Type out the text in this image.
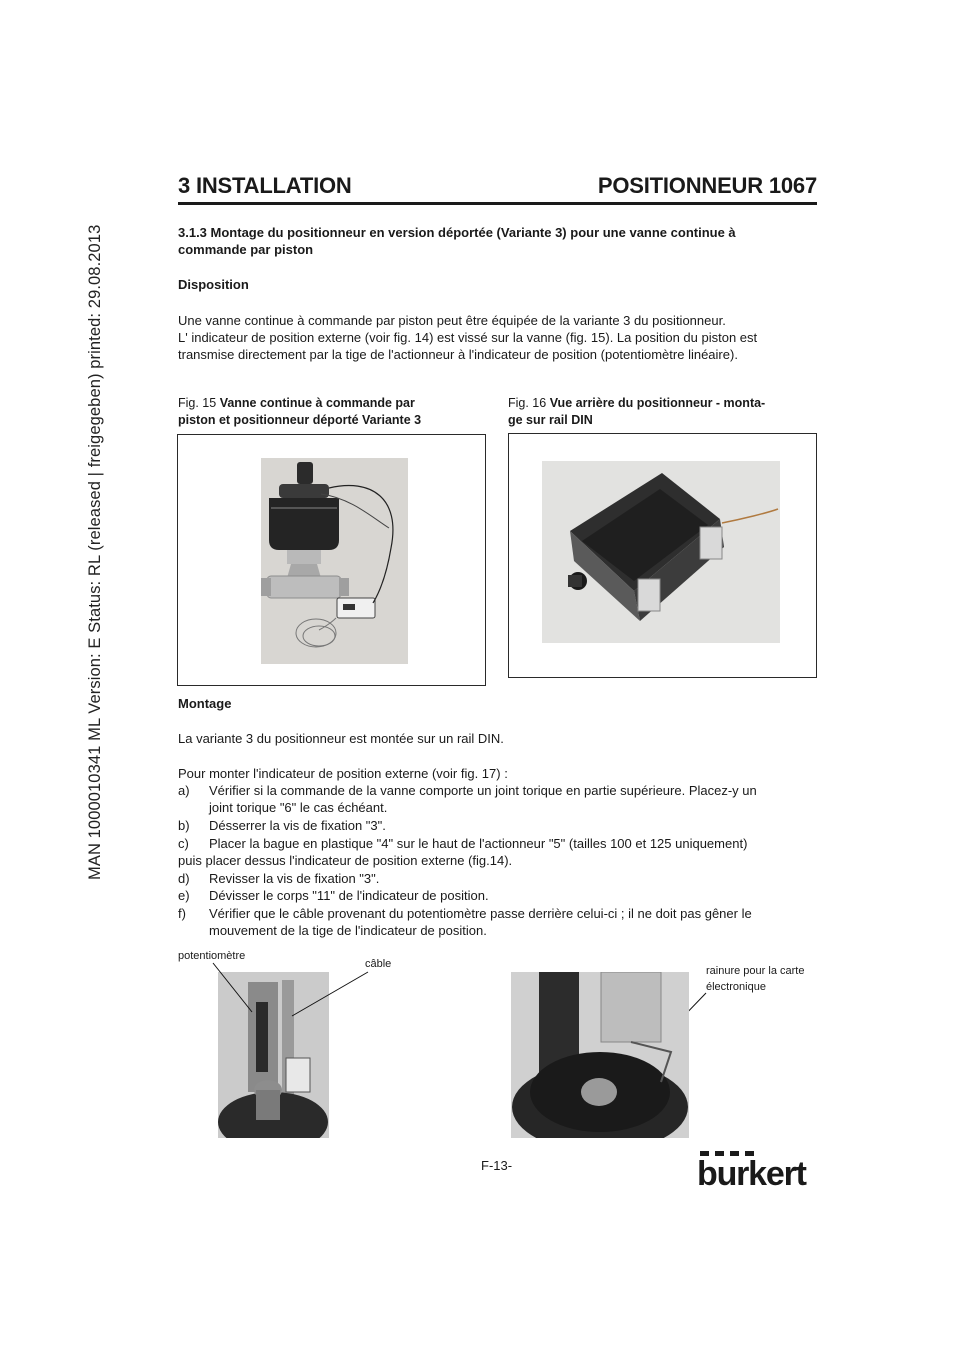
MAN 1000010341 ML Version: E Status: RL (released | freigegeben) printed: 29.08.2013
3 INSTALLATION	POSITIONNEUR 1067
3.1.3 Montage du positionneur en version déportée (Variante 3) pour une vanne continue à
commande par piston
Disposition
Une vanne continue à commande par piston peut être équipée de la variante 3 du positionneur.
L' indicateur de position externe (voir fig. 14) est vissé sur la vanne (fig. 15). La position du piston est
transmise directement par la tige de l'actionneur à l'indicateur de position (potentiomètre linéaire).
Fig. 15 Vanne continue à commande par
piston et positionneur déporté Variante 3
Fig. 16 Vue arrière du positionneur - monta-
ge sur rail DIN
Montage
La variante 3 du positionneur est montée sur un rail DIN.
Pour monter l'indicateur de position externe (voir fig. 17) :
a) Vérifier si la commande de la vanne comporte un joint torique en partie supérieure. Placez-y un
joint torique "6" le cas échéant.
b) Désserrer la vis de fixation "3".
c) Placer la bague en plastique "4" sur le haut de l'actionneur "5" (tailles 100 et 125 uniquement)
puis placer dessus l'indicateur de position externe (fig.14).
d) Revisser la vis de fixation "3".
e) Dévisser le corps "11" de l'indicateur de position.
f) Vérifier que le câble provenant du potentiomètre passe derrière celui-ci ; il ne doit pas gêner le
mouvement de la tige de l'indicateur de position.
potentiomètre
câble
rainure pour la carte
électronique
F-13-	burkert
